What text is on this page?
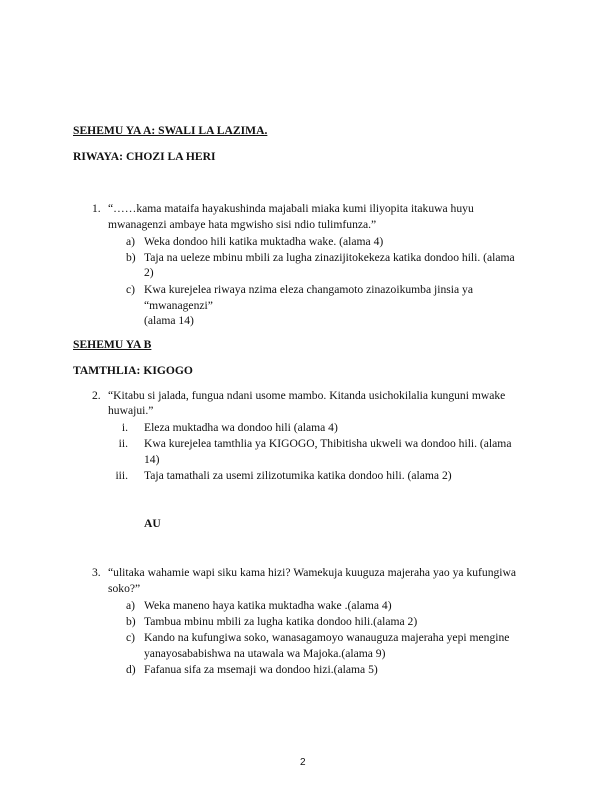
SEHEMU YA A: SWALI LA LAZIMA.
RIWAYA: CHOZI LA HERI
1. “……kama mataifa hayakushinda majabali miaka kumi iliyopita itakuwa huyu
mwanagenzi ambaye hata mgwisho sisi ndio tulimfunza.”
a) Weka dondoo hili katika muktadha wake. (alama 4)
b) Taja na ueleze mbinu mbili za lugha zinazijitokekeza katika dondoo hili. (alama
2)
c) Kwa kurejelea riwaya nzima eleza changamoto zinazoikumba jinsia ya
“mwanagenzi”
(alama 14)
SEHEMU YA B
TAMTHLIA: KIGOGO
2. “Kitabu si jalada, fungua ndani usome mambo. Kitanda usichokilalia kunguni mwake
huwajui.”
i. Eleza muktadha wa dondoo hili (alama 4)
ii. Kwa kurejelea tamthlia ya KIGOGO, Thibitisha ukweli wa dondoo hili. (alama
14)
iii. Taja tamathali za usemi zilizotumika katika dondoo hili. (alama 2)
AU
3. “ulitaka wahamie wapi siku kama hizi? Wamekuja kuuguza majeraha yao ya kufungiwa
soko?”
a) Weka maneno haya katika muktadha wake .(alama 4)
b) Tambua mbinu mbili za lugha katika dondoo hili.(alama 2)
c) Kando na kufungiwa soko, wanasagamoyo wanauguza majeraha yepi mengine
yanayosababishwa na utawala wa Majoka.(alama 9)
d) Fafanua sifa za msemaji wa dondoo hizi.(alama 5)
2
